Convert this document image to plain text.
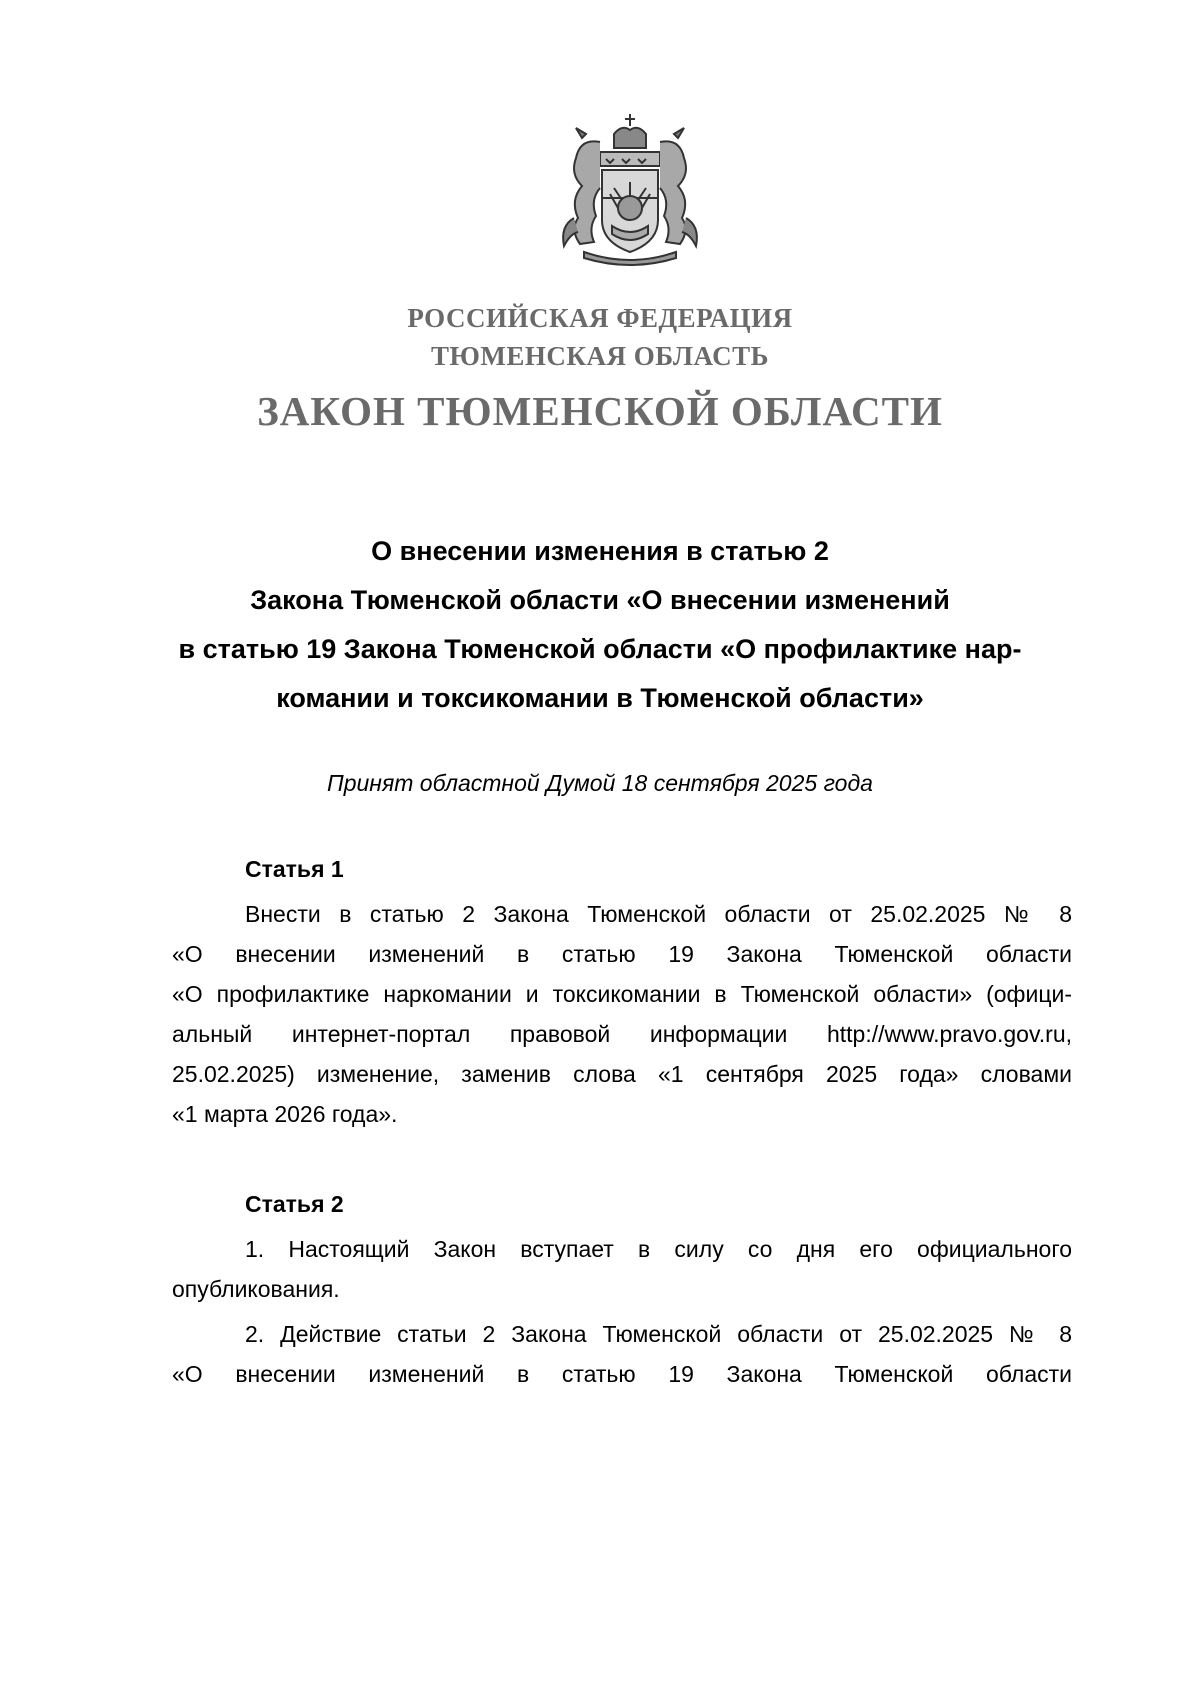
РОССИЙСКАЯ ФЕДЕРАЦИЯ
ТЮМЕНСКАЯ ОБЛАСТЬ
ЗАКОН ТЮМЕНСКОЙ ОБЛАСТИ
О внесении изменения в статью 2
Закона Тюменской области «О внесении изменений
в статью 19 Закона Тюменской области «О профилактике нар-
комании и токсикомании в Тюменской области»
Принят областной Думой 18 сентября 2025 года
Статья 1
Внести в статью 2 Закона Тюменской области от 25.02.2025 № 8
«О внесении изменений в статью 19 Закона Тюменской области
«О профилактике наркомании и токсикомании в Тюменской области» (офици-
альный интернет-портал правовой информации http://www.pravo.gov.ru,
25.02.2025) изменение, заменив слова «1 сентября 2025 года» словами
«1 марта 2026 года».
Статья 2
1. Настоящий Закон вступает в силу со дня его официального
опубликования.
2. Действие статьи 2 Закона Тюменской области от 25.02.2025 № 8
«О внесении изменений в статью 19 Закона Тюменской области
